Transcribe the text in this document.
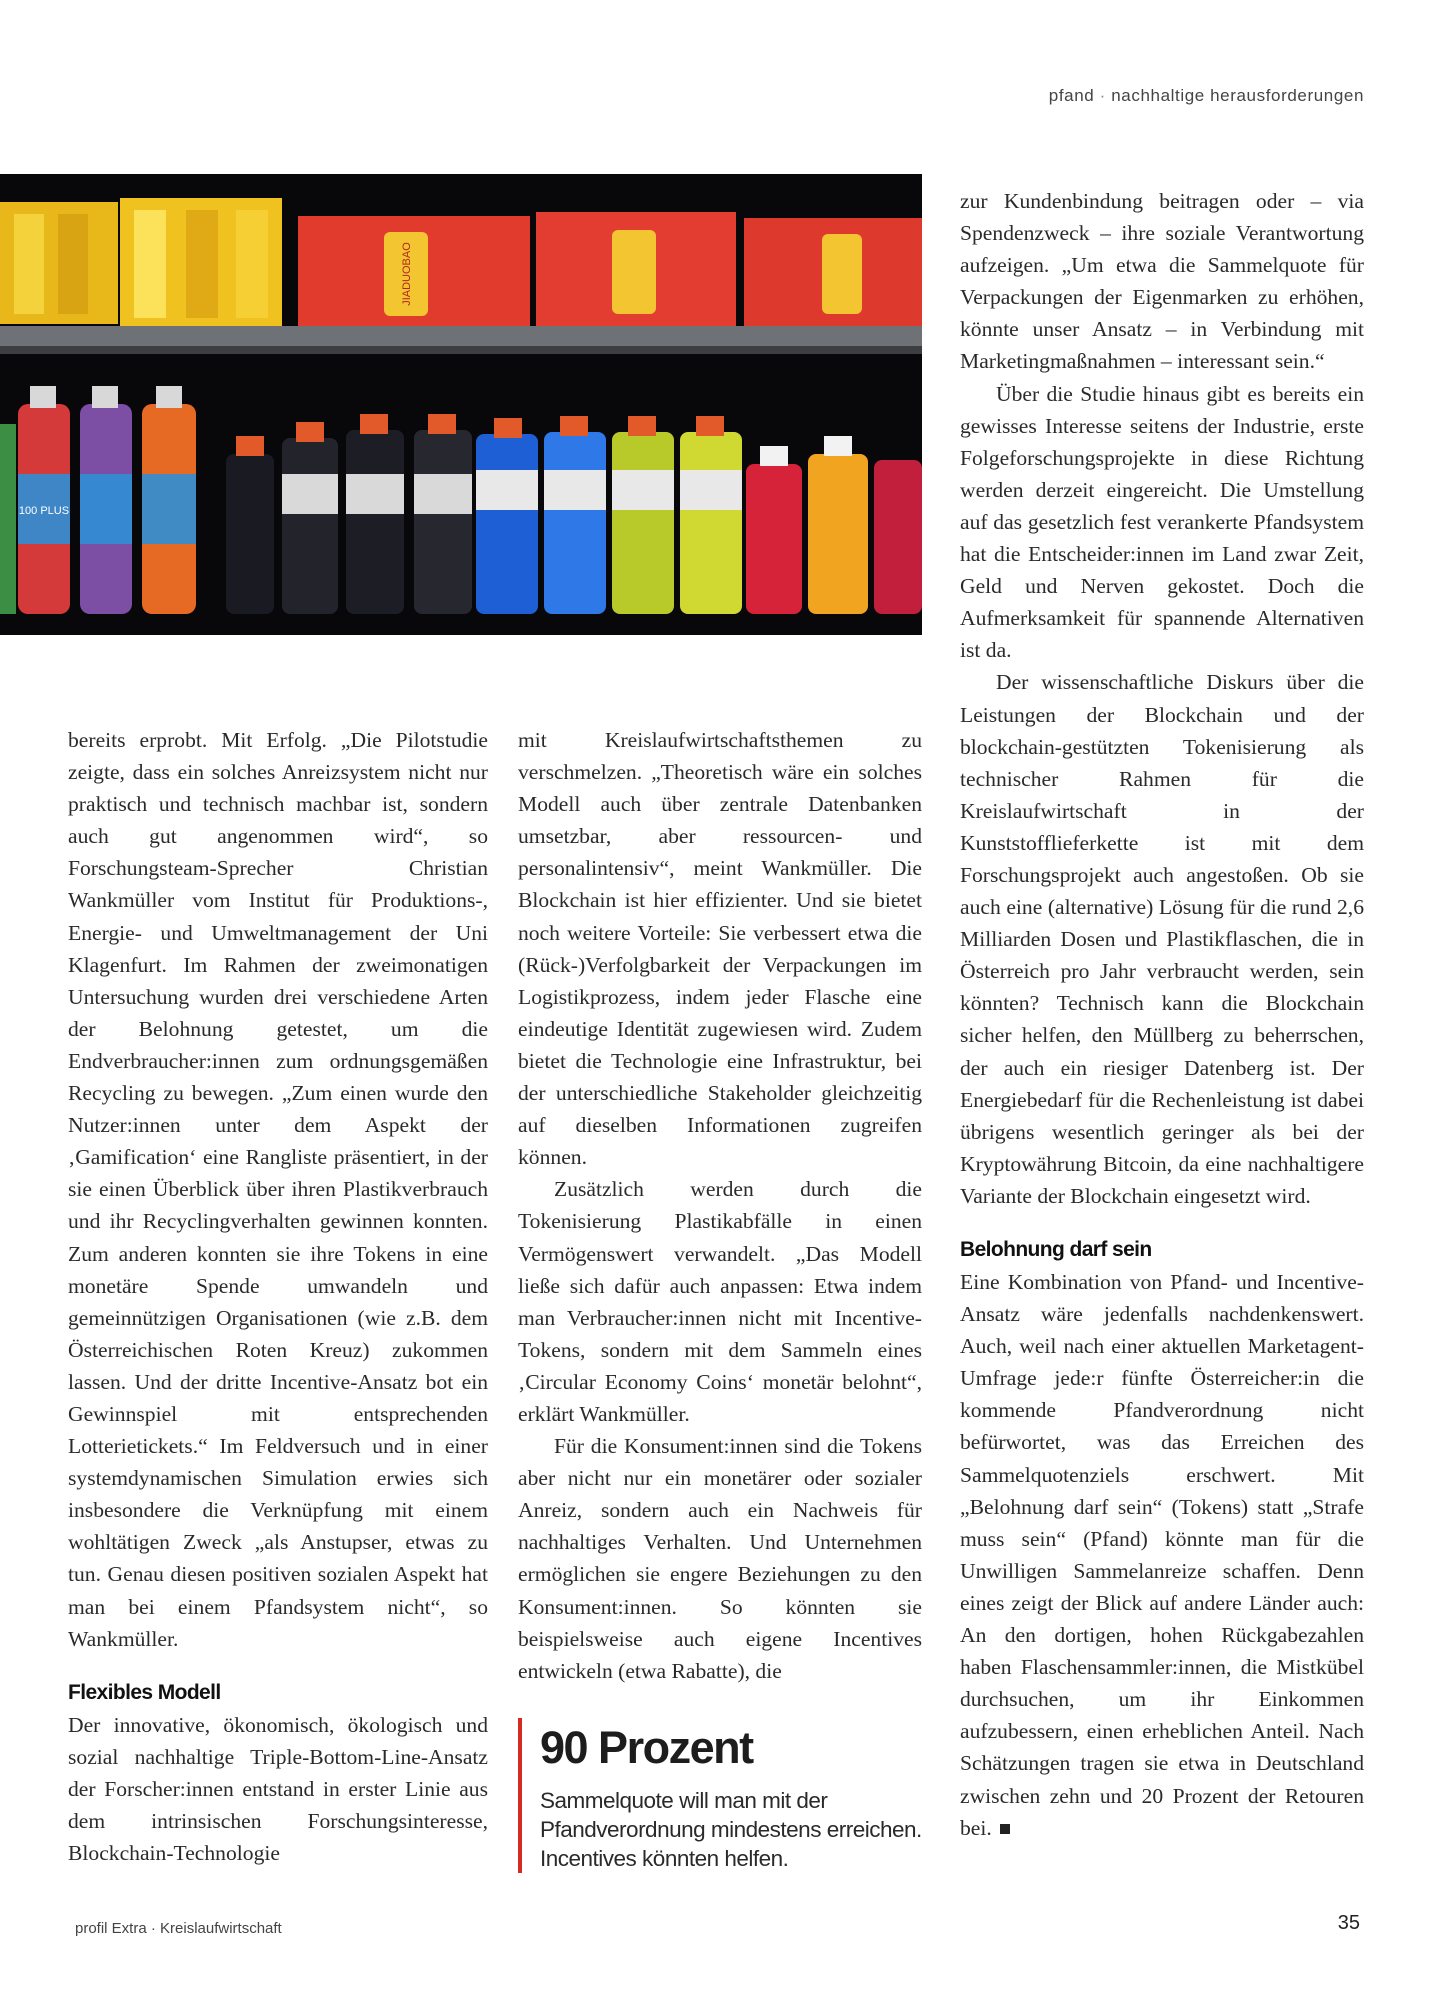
pfand · nachhaltige herausforderungen
JIADUOBAO
100 PLUS

bereits erprobt. Mit Erfolg. „Die Pilotstudie zeigte, dass ein solches Anreizsystem nicht nur praktisch und technisch machbar ist, sondern auch gut angenommen wird“, so Forschungsteam-Sprecher Christian Wankmüller vom Institut für Produktions-, Energie- und Umweltmanagement der Uni Klagenfurt. Im Rahmen der zweimonatigen Untersuchung wurden drei verschiedene Arten der Belohnung getestet, um die Endverbraucher:innen zum ordnungsgemäßen Recycling zu bewegen. „Zum einen wurde den Nutzer:innen unter dem Aspekt der ‚Gamification‘ eine Rangliste präsentiert, in der sie einen Überblick über ihren Plastikverbrauch und ihr Recyclingverhalten gewinnen konnten. Zum anderen konnten sie ihre Tokens in eine monetäre Spende umwandeln und gemeinnützigen Organisationen (wie z.B. dem Österreichischen Roten Kreuz) zukommen lassen. Und der dritte Incentive-Ansatz bot ein Gewinnspiel mit entsprechenden Lotterietickets.“ Im Feldversuch und in einer systemdynamischen Simulation erwies sich insbesondere die Verknüpfung mit einem wohltätigen Zweck „als Anstupser, etwas zu tun. Genau diesen positiven sozialen Aspekt hat man bei einem Pfandsystem nicht“, so Wankmüller.

Flexibles Modell

Der innovative, ökonomisch, ökologisch und sozial nachhaltige Triple-Bottom-Line-Ansatz der Forscher:innen entstand in erster Linie aus dem intrinsischen Forschungsinteresse, Blockchain-Technologie

mit Kreislaufwirtschaftsthemen zu verschmelzen. „Theoretisch wäre ein solches Modell auch über zentrale Datenbanken umsetzbar, aber ressourcen- und personalintensiv“, meint Wankmüller. Die Blockchain ist hier effizienter. Und sie bietet noch weitere Vorteile: Sie verbessert etwa die (Rück-)Verfolgbarkeit der Verpackungen im Logistikprozess, indem jeder Flasche eine eindeutige Identität zugewiesen wird. Zudem bietet die Technologie eine Infrastruktur, bei der unterschiedliche Stakeholder gleichzeitig auf dieselben Informationen zugreifen können.

Zusätzlich werden durch die Tokenisierung Plastikabfälle in einen Vermögenswert verwandelt. „Das Modell ließe sich dafür auch anpassen: Etwa indem man Verbraucher:innen nicht mit Incentive-Tokens, sondern mit dem Sammeln eines ‚Circular Economy Coins‘ monetär belohnt“, erklärt Wankmüller.

Für die Konsument:innen sind die Tokens aber nicht nur ein monetärer oder sozialer Anreiz, sondern auch ein Nachweis für nachhaltiges Verhalten. Und Unternehmen ermöglichen sie engere Beziehungen zu den Konsument:innen. So könnten sie beispielsweise auch eigene Incentives entwickeln (etwa Rabatte), die

90 Prozent
Sammelquote will man mit der Pfandverordnung mindestens erreichen. Incentives könnten helfen.

zur Kundenbindung beitragen oder – via Spendenzweck – ihre soziale Verantwortung aufzeigen. „Um etwa die Sammelquote für Verpackungen der Eigenmarken zu erhöhen, könnte unser Ansatz – in Verbindung mit Marketingmaßnahmen – interessant sein.“

Über die Studie hinaus gibt es bereits ein gewisses Interesse seitens der Industrie, erste Folgeforschungsprojekte in diese Richtung werden derzeit eingereicht. Die Umstellung auf das gesetzlich fest verankerte Pfandsystem hat die Entscheider:innen im Land zwar Zeit, Geld und Nerven gekostet. Doch die Aufmerksamkeit für spannende Alternativen ist da.

Der wissenschaftliche Diskurs über die Leistungen der Blockchain und der blockchain-gestützten Tokenisierung als technischer Rahmen für die Kreislaufwirtschaft in der Kunststofflieferkette ist mit dem Forschungsprojekt auch angestoßen. Ob sie auch eine (alternative) Lösung für die rund 2,6 Milliarden Dosen und Plastikflaschen, die in Österreich pro Jahr verbraucht werden, sein könnten? Technisch kann die Blockchain sicher helfen, den Müllberg zu beherrschen, der auch ein riesiger Datenberg ist. Der Energiebedarf für die Rechenleistung ist dabei übrigens wesentlich geringer als bei der Kryptowährung Bitcoin, da eine nachhaltigere Variante der Blockchain eingesetzt wird.

Belohnung darf sein

Eine Kombination von Pfand- und Incentive-Ansatz wäre jedenfalls nachdenkenswert. Auch, weil nach einer aktuellen Marketagent-Umfrage jede:r fünfte Österreicher:in die kommende Pfandverordnung nicht befürwortet, was das Erreichen des Sammelquotenziels erschwert. Mit „Belohnung darf sein“ (Tokens) statt „Strafe muss sein“ (Pfand) könnte man für die Unwilligen Sammelanreize schaffen. Denn eines zeigt der Blick auf andere Länder auch: An den dortigen, hohen Rückgabezahlen haben Flaschensammler:innen, die Mistkübel durchsuchen, um ihr Einkommen aufzubessern, einen erheblichen Anteil. Nach Schätzungen tragen sie etwa in Deutschland zwischen zehn und 20 Prozent der Retouren bei.

profil Extra · Kreislaufwirtschaft	35
